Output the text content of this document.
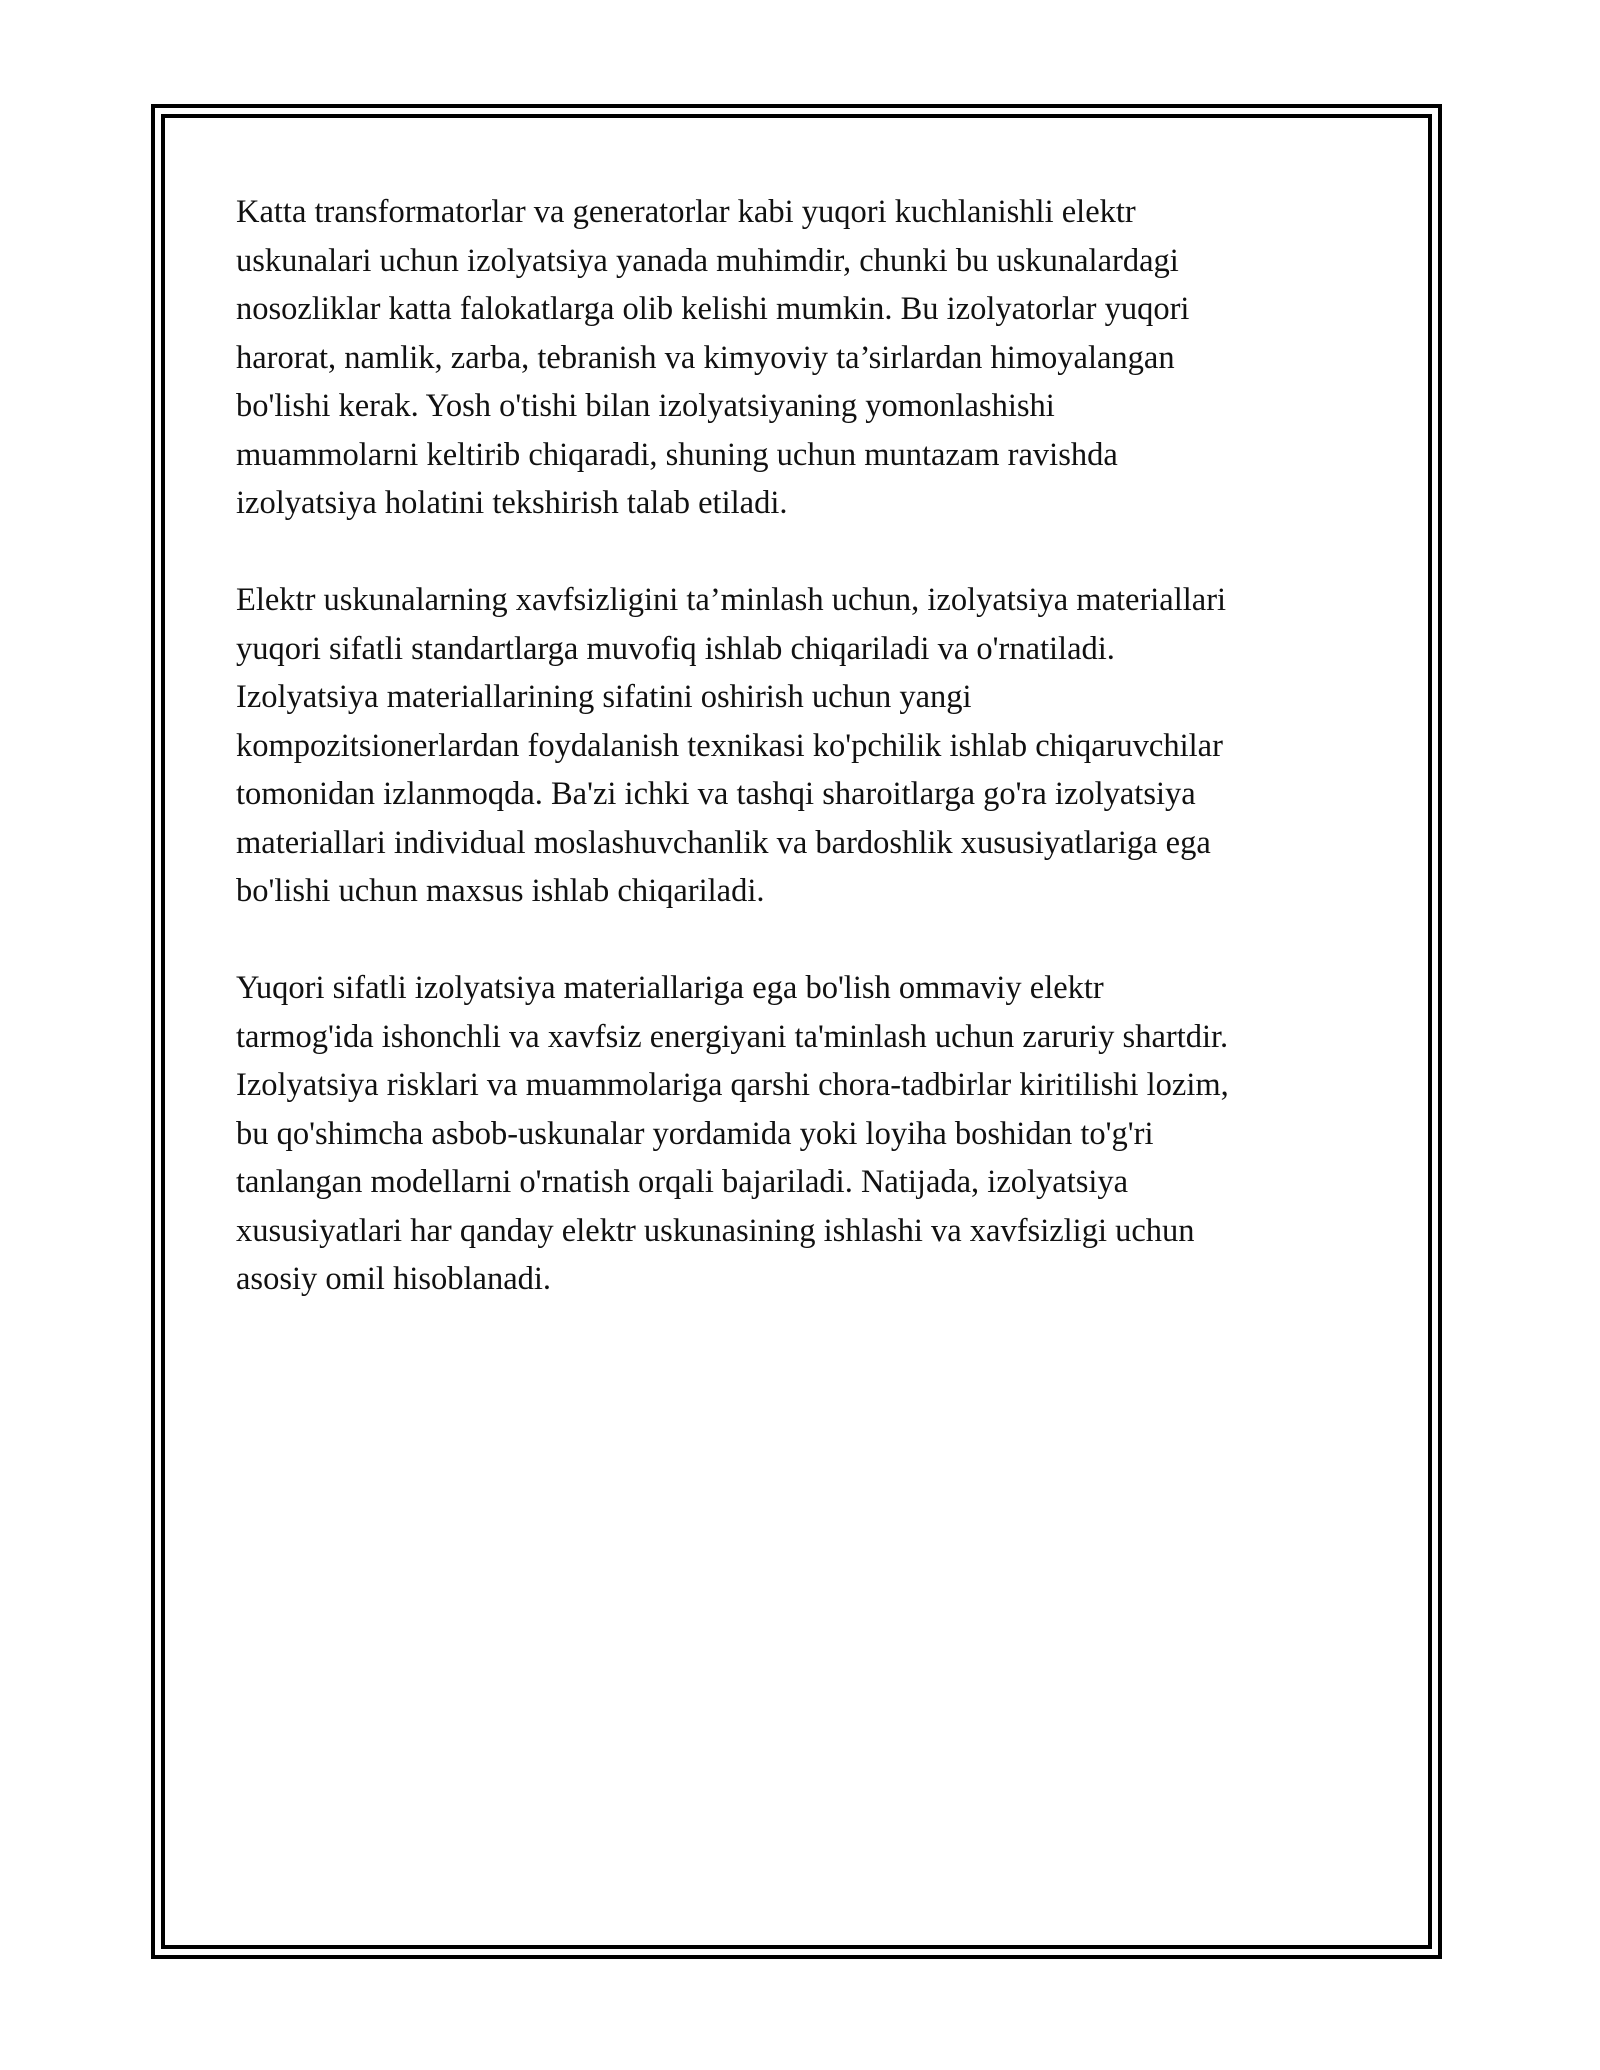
Katta transformatorlar va generatorlar kabi yuqori kuchlanishli elektr
uskunalari uchun izolyatsiya yanada muhimdir, chunki bu uskunalardagi
nosozliklar katta falokatlarga olib kelishi mumkin. Bu izolyatorlar yuqori
harorat, namlik, zarba, tebranish va kimyoviy ta’sirlardan himoyalangan
bo'lishi kerak. Yosh o'tishi bilan izolyatsiyaning yomonlashishi
muammolarni keltirib chiqaradi, shuning uchun muntazam ravishda
izolyatsiya holatini tekshirish talab etiladi.

Elektr uskunalarning xavfsizligini ta’minlash uchun, izolyatsiya materiallari
yuqori sifatli standartlarga muvofiq ishlab chiqariladi va o'rnatiladi.
Izolyatsiya materiallarining sifatini oshirish uchun yangi
kompozitsionerlardan foydalanish texnikasi ko'pchilik ishlab chiqaruvchilar
tomonidan izlanmoqda. Ba'zi ichki va tashqi sharoitlarga go'ra izolyatsiya
materiallari individual moslashuvchanlik va bardoshlik xususiyatlariga ega
bo'lishi uchun maxsus ishlab chiqariladi.

Yuqori sifatli izolyatsiya materiallariga ega bo'lish ommaviy elektr
tarmog'ida ishonchli va xavfsiz energiyani ta'minlash uchun zaruriy shartdir.
Izolyatsiya risklari va muammolariga qarshi chora-tadbirlar kiritilishi lozim,
bu qo'shimcha asbob-uskunalar yordamida yoki loyiha boshidan to'g'ri
tanlangan modellarni o'rnatish orqali bajariladi. Natijada, izolyatsiya
xususiyatlari har qanday elektr uskunasining ishlashi va xavfsizligi uchun
asosiy omil hisoblanadi.
